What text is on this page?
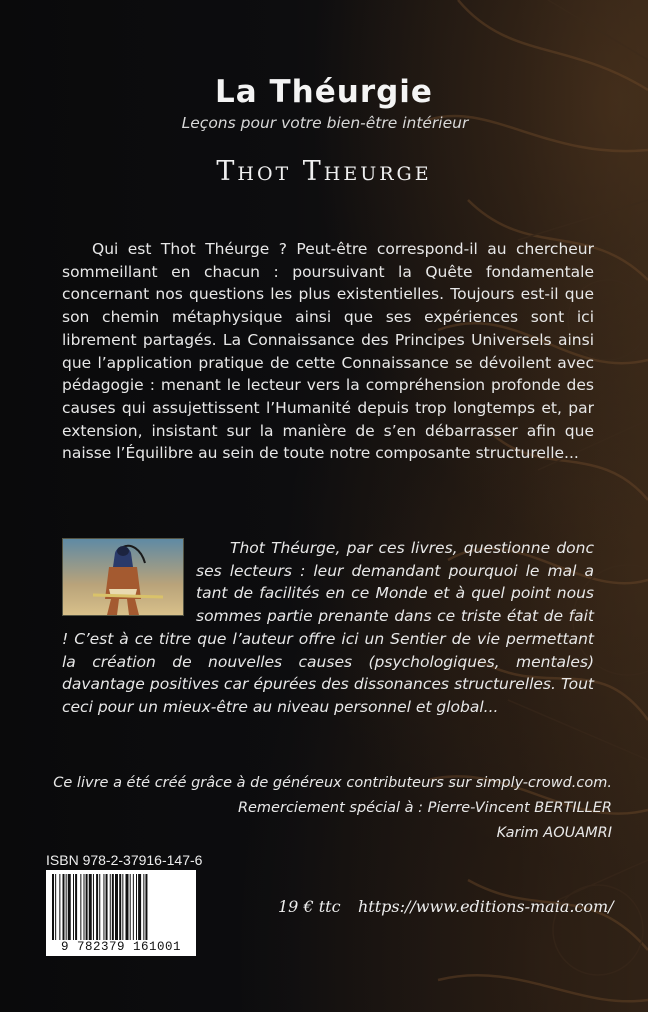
La Théurgie
Leçons pour votre bien-être intérieur
Thot Theurge
Qui est Thot Théurge ? Peut-être correspond-il au chercheur sommeillant en chacun : poursuivant la Quête fondamentale concernant nos questions les plus existentielles. Toujours est-il que son chemin métaphysique ainsi que ses expériences sont ici librement partagés. La Connaissance des Principes Universels ainsi que l’application pratique de cette Connaissance se dévoilent avec pédagogie : menant le lecteur vers la compréhension profonde des causes qui assujettissent l’Humanité depuis trop longtemps et, par extension, insistant sur la manière de s’en débarrasser afin que naisse l’Équilibre au sein de toute notre composante structurelle...
Thot Théurge, par ces livres, questionne donc ses lecteurs : leur demandant pourquoi le mal a tant de facilités en ce Monde et à quel point nous sommes partie prenante dans ce triste état de fait ! C’est à ce titre que l’auteur offre ici un Sentier de vie permettant la création de nouvelles causes (psychologiques, mentales) davantage positives car épurées des dissonances structurelles. Tout ceci pour un mieux-être au niveau personnel et global...
Ce livre a été créé grâce à de généreux contributeurs sur simply-crowd.com.
Remerciement spécial à : Pierre-Vincent BERTILLER
Karim AOUAMRI
ISBN 978-2-37916-147-6
9 782379 161001
19 € ttc https://www.editions-maia.com/
